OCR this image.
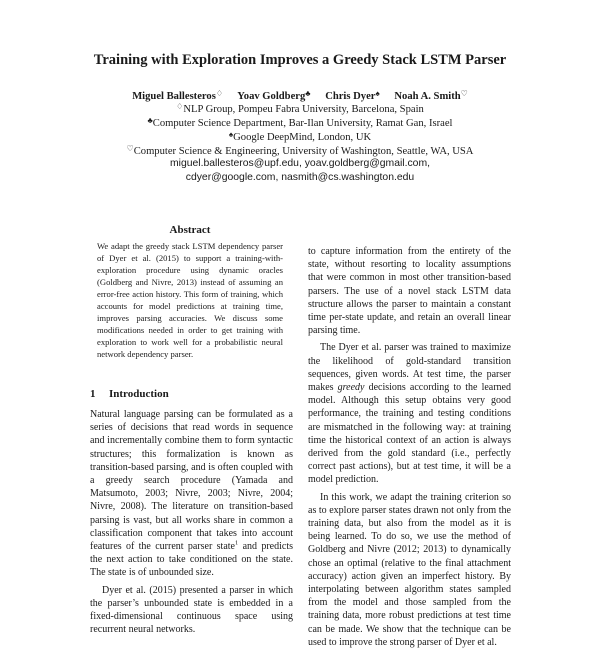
Training with Exploration Improves a Greedy Stack LSTM Parser
Miguel Ballesteros♢ Yoav Goldberg♣ Chris Dyer♠ Noah A. Smith♡
♢NLP Group, Pompeu Fabra University, Barcelona, Spain
♣Computer Science Department, Bar-Ilan University, Ramat Gan, Israel
♠Google DeepMind, London, UK
♡Computer Science & Engineering, University of Washington, Seattle, WA, USA
miguel.ballesteros@upf.edu, yoav.goldberg@gmail.com,
cdyer@google.com, nasmith@cs.washington.edu
Abstract
We adapt the greedy stack LSTM dependency parser of Dyer et al. (2015) to support a training-with-exploration procedure using dynamic oracles (Goldberg and Nivre, 2013) instead of assuming an error-free action history. This form of training, which accounts for model predictions at training time, improves parsing accuracies. We discuss some modifications needed in order to get training with exploration to work well for a probabilistic neural network dependency parser.
1 Introduction

Natural language parsing can be formulated as a series of decisions that read words in sequence and incrementally combine them to form syntactic structures; this formalization is known as transition-based parsing, and is often coupled with a greedy search procedure (Yamada and Matsumoto, 2003; Nivre, 2003; Nivre, 2004; Nivre, 2008). The literature on transition-based parsing is vast, but all works share in common a classification component that takes into account features of the current parser state$^1$ and predicts the next action to take conditioned on the state. The state is of unbounded size.

Dyer et al. (2015) presented a parser in which the parser’s unbounded state is embedded in a fixed-dimensional continuous space using recurrent neural networks.

to capture information from the entirety of the state, without resorting to locality assumptions that were common in most other transition-based parsers. The use of a novel stack LSTM data structure allows the parser to maintain a constant time per-state update, and retain an overall linear parsing time.

The Dyer et al. parser was trained to maximize the likelihood of gold-standard transition sequences, given words. At test time, the parser makes greedy decisions according to the learned model. Although this setup obtains very good performance, the training and testing conditions are mismatched in the following way: at training time the historical context of an action is always derived from the gold standard (i.e., perfectly correct past actions), but at test time, it will be a model prediction.

In this work, we adapt the training criterion so as to explore parser states drawn not only from the training data, but also from the model as it is being learned. To do so, we use the method of Goldberg and Nivre (2012; 2013) to dynamically chose an optimal (relative to the final attachment accuracy) action given an imperfect history. By interpolating between algorithm states sampled from the model and those sampled from the training data, more robust predictions at test time can be made. We show that the technique can be used to improve the strong parser of Dyer et al.
